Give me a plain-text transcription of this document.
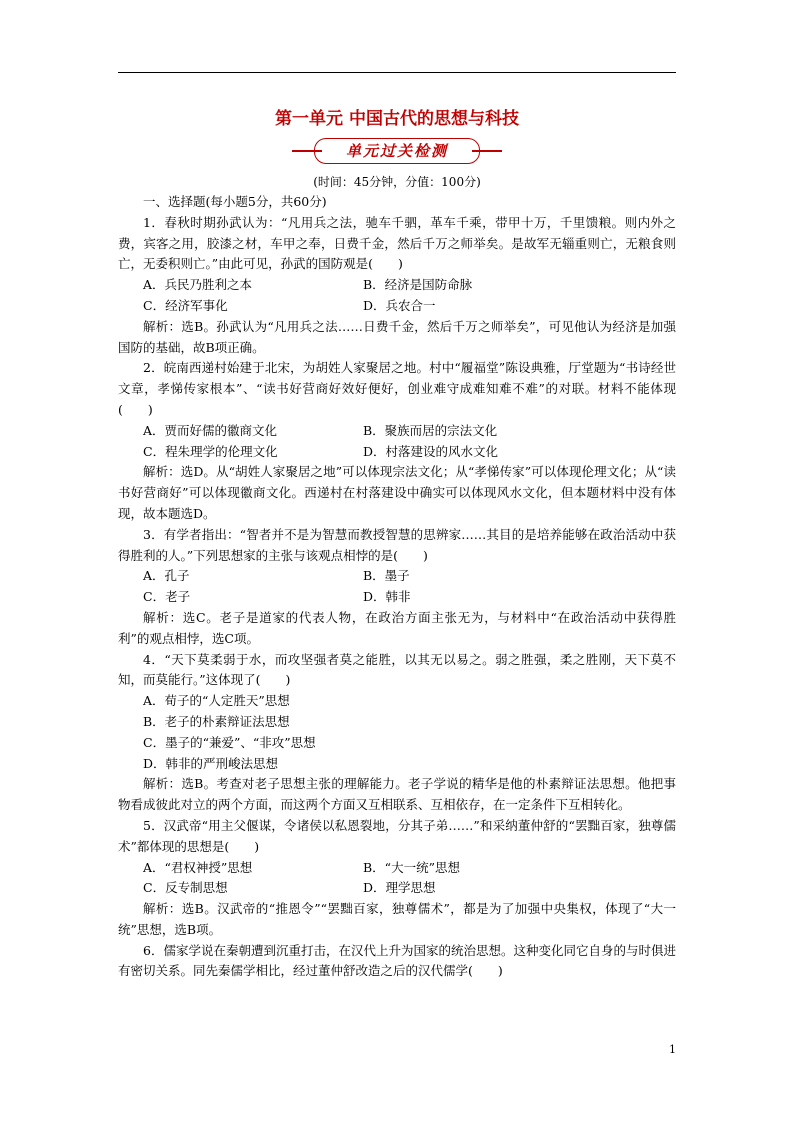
第一单元 中国古代的思想与科技
单元过关检测
(时间：45分钟，分值：100分)

一、选择题(每小题5分，共60分)

1．春秋时期孙武认为：“凡用兵之法，驰车千驷，革车千乘，带甲十万，千里馈粮。则内外之费，宾客之用，胶漆之材，车甲之奉，日费千金，然后千万之师举矣。是故军无辎重则亡，无粮食则亡，无委积则亡。”由此可见，孙武的国防观是(　　)

A．兵民乃胜利之本	B．经济是国防命脉
C．经济军事化	D．兵农合一

解析：选B。孙武认为“凡用兵之法……日费千金，然后千万之师举矣”，可见他认为经济是加强国防的基础，故B项正确。

2．皖南西递村始建于北宋，为胡姓人家聚居之地。村中“履福堂”陈设典雅，厅堂题为“书诗经世文章，孝悌传家根本”、“读书好营商好效好便好，创业难守成难知难不难”的对联。材料不能体现(　　)

A．贾而好儒的徽商文化	B．聚族而居的宗法文化
C．程朱理学的伦理文化	D．村落建设的风水文化

解析：选D。从“胡姓人家聚居之地”可以体现宗法文化；从“孝悌传家”可以体现伦理文化；从“读书好营商好”可以体现徽商文化。西递村在村落建设中确实可以体现风水文化，但本题材料中没有体现，故本题选D。

3．有学者指出：“智者并不是为智慧而教授智慧的思辨家……其目的是培养能够在政治活动中获得胜利的人。”下列思想家的主张与该观点相悖的是(　　)

A．孔子	B．墨子
C．老子	D．韩非

解析：选C。老子是道家的代表人物，在政治方面主张无为，与材料中“在政治活动中获得胜利”的观点相悖，选C项。

4．“天下莫柔弱于水，而攻坚强者莫之能胜，以其无以易之。弱之胜强，柔之胜刚，天下莫不知，而莫能行。”这体现了(　　)

A．荀子的“人定胜天”思想
B．老子的朴素辩证法思想
C．墨子的“兼爱”、“非攻”思想
D．韩非的严刑峻法思想

解析：选B。考查对老子思想主张的理解能力。老子学说的精华是他的朴素辩证法思想。他把事物看成彼此对立的两个方面，而这两个方面又互相联系、互相依存，在一定条件下互相转化。

5．汉武帝“用主父偃谋，令诸侯以私恩裂地，分其子弟……”和采纳董仲舒的“罢黜百家，独尊儒术”都体现的思想是(　　)

A．“君权神授”思想	B．“大一统”思想
C．反专制思想	D．理学思想

解析：选B。汉武帝的“推恩令”“罢黜百家，独尊儒术”，都是为了加强中央集权，体现了“大一统”思想，选B项。

6．儒家学说在秦朝遭到沉重打击，在汉代上升为国家的统治思想。这种变化同它自身的与时俱进有密切关系。同先秦儒学相比，经过董仲舒改造之后的汉代儒学(　　)

1
